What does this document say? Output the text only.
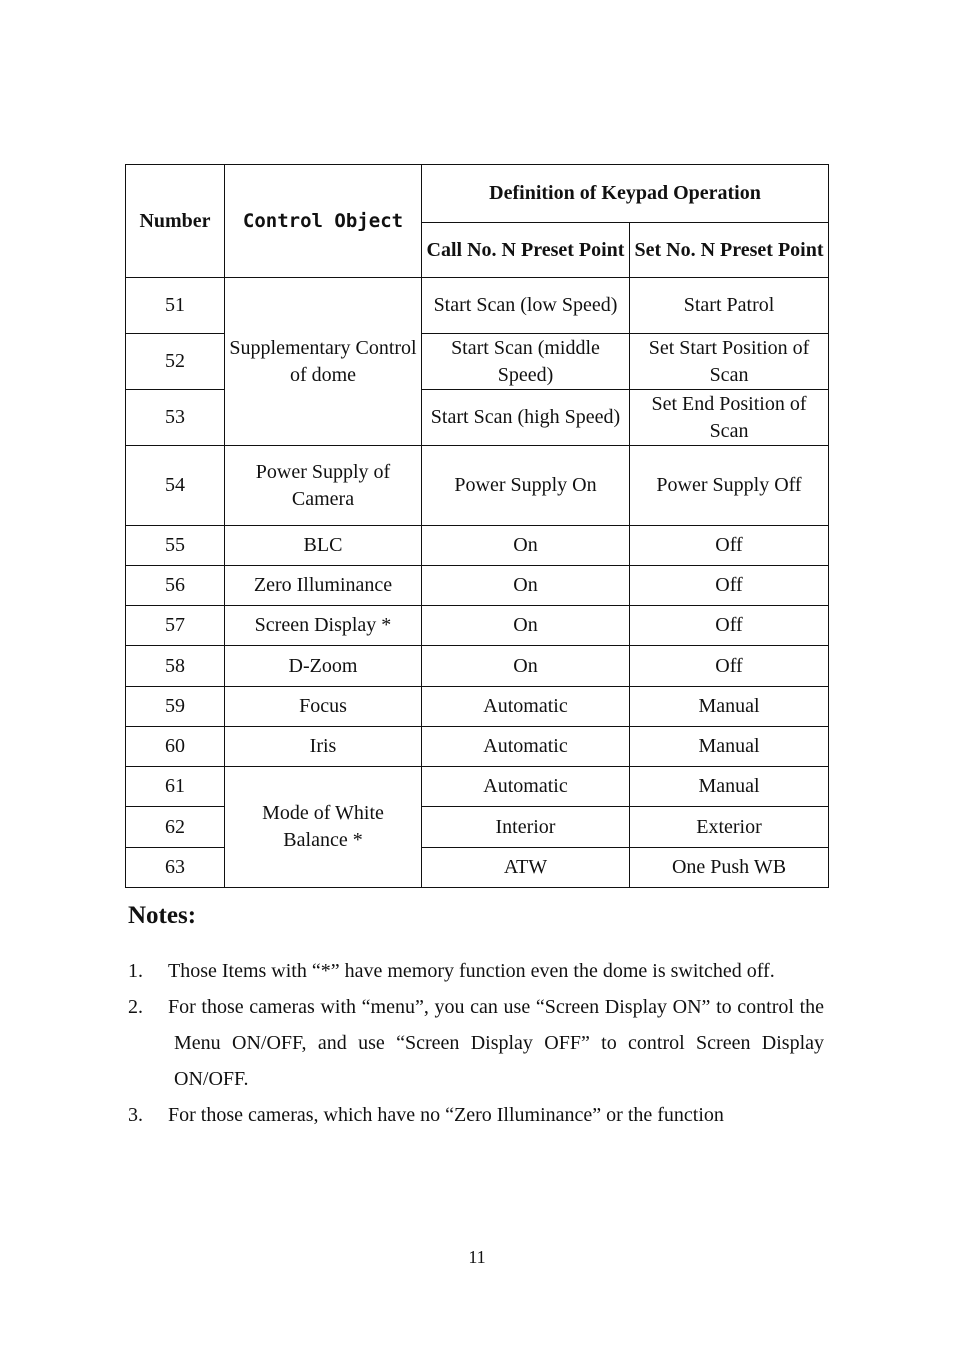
Number	Control Object	Definition of Keypad Operation	
		Call No. N Preset Point	Set No. N Preset Point
51	Supplementary Control of dome	Start Scan (low Speed)	Start Patrol
52		Start Scan (middle Speed)	Set Start Position of Scan
53		Start Scan (high Speed)	Set End Position of Scan
54	Power Supply of Camera	Power Supply On	Power Supply Off
55	BLC	On	Off
56	Zero Illuminance	On	Off
57	Screen Display *	On	Off
58	D-Zoom	On	Off
59	Focus	Automatic	Manual
60	Iris	Automatic	Manual
61	Mode of White Balance *	Automatic	Manual
62		Interior	Exterior
63		ATW	One Push WB
Notes:
1. Those Items with “*” have memory function even the dome is switched off.
2. For those cameras with “menu”, you can use “Screen Display ON” to control the Menu ON/OFF, and use “Screen Display OFF” to control Screen Display ON/OFF.
3. For those cameras, which have no “Zero Illuminance” or the function
11
